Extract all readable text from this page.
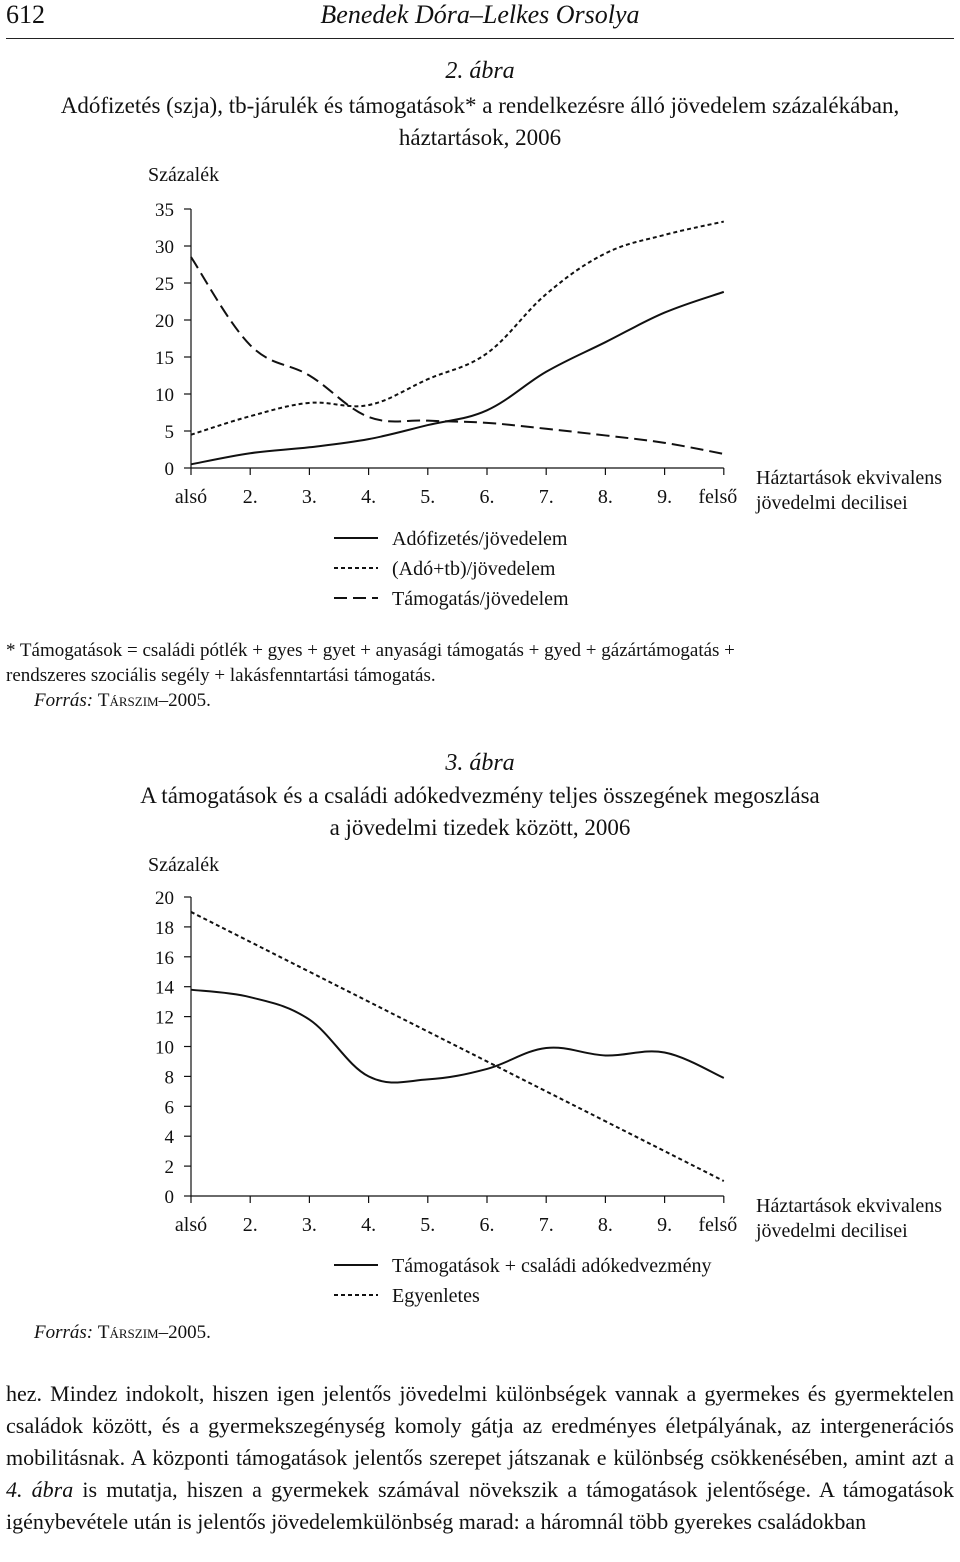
612	Benedek Dóra–Lelkes Orsolya
2. ábra
Adófizetés (szja), tb-járulék és támogatások* a rendelkezésre álló jövedelem százalékában,
háztartások, 2006
Százalék
0
5
10
15
20
25
30
35
alsó 2. 3. 4. 5. 6. 7. 8. 9. felső
Háztartások ekvivalens
jövedelmi decilisei
Adófizetés/jövedelem
(Adó+tb)/jövedelem
Támogatás/jövedelem
* Támogatások = családi pótlék + gyes + gyet + anyasági támogatás + gyed + gázártámogatás +
rendszeres szociális segély + lakásfenntartási támogatás.
Forrás: Társzim–2005.
3. ábra
A támogatások és a családi adókedvezmény teljes összegének megoszlása
a jövedelmi tizedek között, 2006
Százalék
0
2
4
6
8
10
12
14
16
18
20
alsó 2. 3. 4. 5. 6. 7. 8. 9. felső
Háztartások ekvivalens
jövedelmi decilisei
Támogatások + családi adókedvezmény
Egyenletes
Forrás: Társzim–2005.
hez. Mindez indokolt, hiszen igen jelentős jövedelmi különbségek vannak a gyermekes és gyermektelen családok között, és a gyermekszegénység komoly gátja az eredményes életpályának, az intergenerációs mobilitásnak. A központi támogatások jelentős szerepet játszanak e különbség csökkenésében, amint azt a 4. ábra is mutatja, hiszen a gyermekek számával növekszik a támogatások jelentősége. A támogatások igénybevétele után is jelentős jövedelemkülönbség marad: a háromnál több gyerekes családokban
